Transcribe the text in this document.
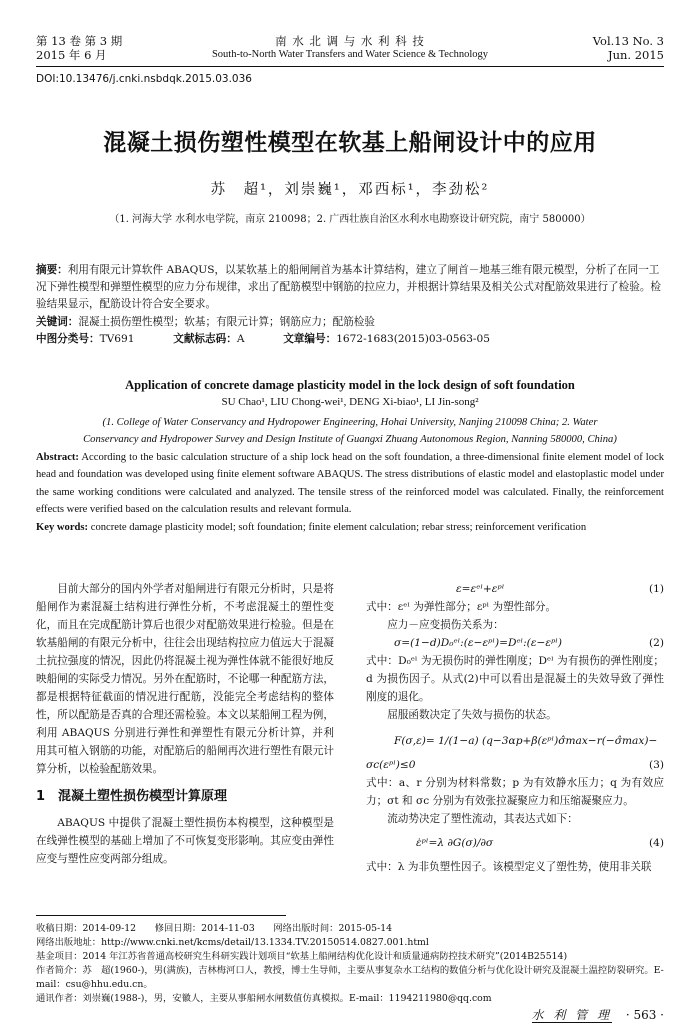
第 13 卷 第 3 期
2015 年 6 月
南 水 北 调 与 水 利 科 技
South-to-North Water Transfers and Water Science & Technology
Vol.13 No. 3
Jun. 2015
DOI:10.13476/j.cnki.nsbdqk.2015.03.036
混凝土损伤塑性模型在软基上船闸设计中的应用
苏　超¹，刘崇巍¹，邓西标¹，李劲松²
（1. 河海大学 水利水电学院，南京 210098；2. 广西壮族自治区水利水电勘察设计研究院，南宁 580000）
摘要：利用有限元计算软件 ABAQUS，以某软基上的船闸闸首为基本计算结构，建立了闸首－地基三维有限元模型，分析了在同一工况下弹性模型和弹塑性模型的应力分布规律，求出了配筋模型中钢筋的拉应力，并根据计算结果及相关公式对配筋效果进行了检验。检验结果显示，配筋设计符合安全要求。
关键词：混凝土损伤塑性模型；软基；有限元计算；钢筋应力；配筋检验
中图分类号：TV691	文献标志码：A	文章编号：1672-1683(2015)03-0563-05
Application of concrete damage plasticity model in the lock design of soft foundation
SU Chao¹, LIU Chong-wei¹, DENG Xi-biao¹, LI Jin-song²
(1. College of Water Conservancy and Hydropower Engineering, Hohai University, Nanjing 210098 China; 2. Water
Conservancy and Hydropower Survey and Design Institute of Guangxi Zhuang Autonomous Region, Nanning 580000, China)
Abstract: According to the basic calculation structure of a ship lock head on the soft foundation, a three-dimensional finite element model of lock head and foundation was developed using finite element software ABAQUS. The stress distributions of elastic model and elastoplastic model under the same working conditions were calculated and analyzed. The tensile stress of the reinforced model was calculated. Finally, the reinforcement effects were verified based on the calculation results and relevant formula.
Key words: concrete damage plasticity model; soft foundation; finite element calculation; rebar stress; reinforcement verification

目前大部分的国内外学者对船闸进行有限元分析时，只是将船闸作为素混凝土结构进行弹性分析，不考虑混凝土的塑性变化，而且在完成配筋计算后也很少对配筋效果进行检验。但是在软基船闸的有限元分析中，往往会出现结构拉应力值远大于混凝土抗拉强度的情况，因此仍将混凝土视为弹性体就不能很好地反映船闸的实际受力情况。另外在配筋时，不论哪一种配筋方法，都是根据特征截面的情况进行配筋，没能完全考虑结构的整体性，所以配筋是否真的合理还需检验。本文以某船闸工程为例，利用 ABAQUS 分别进行弹性和弹塑性有限元分析计算，并利用其可植入钢筋的功能，对配筋后的船闸再次进行塑性有限元计算分析，以检验配筋效果。

1　混凝土塑性损伤模型计算原理

ABAQUS 中提供了混凝土塑性损伤本构模型，这种模型是在线弹性模型的基础上增加了不可恢复变形影响。其应变由弹性应变与塑性应变两部分组成。

ε=εᵉˡ+εᵖˡ	(1)
式中：εᵉˡ 为弹性部分；εᵖˡ 为塑性部分。
应力－应变损伤关系为：
σ=(1−d)D₀ᵉˡ:(ε−εᵖˡ)=Dᵉˡ:(ε−εᵖˡ)	(2)
式中：D₀ᵉˡ 为无损伤时的弹性刚度；Dᵉˡ 为有损伤的弹性刚度；d 为损伤因子。从式(2)中可以看出是混凝土的失效导致了弹性刚度的退化。
屈服函数决定了失效与损伤的状态。
F(σ,ε)= 1/(1−a) (q−3αp+β(εᵖˡ)σ̂max−r(−σ̂max)−
σc(εᵖˡ)≤0	(3)
式中：a、r 分别为材料常数；p 为有效静水压力；q 为有效应力；σt 和 σc 分别为有效张拉凝聚应力和压缩凝聚应力。
流动势决定了塑性流动，其表达式如下：
ε̇ᵖˡ=λ ∂G(σ)/∂σ	(4)
式中：λ 为非负塑性因子。该模型定义了塑性势，使用非关联
收稿日期：2014-09-12　　修回日期：2014-11-03　　网络出版时间：2015-05-14
网络出版地址：http://www.cnki.net/kcms/detail/13.1334.TV.20150514.0827.001.html
基金项目：2014 年江苏省普通高校研究生科研实践计划项目“软基上船闸结构优化设计和质量通病防控技术研究”(2014B25514)
作者简介：苏　超(1960-)，男(满族)，吉林梅河口人，教授，博士生导师，主要从事复杂水工结构的数值分析与优化设计研究及混凝土温控防裂研究。E-mail：csu@hhu.edu.cn。
通讯作者：刘崇巍(1988-)，男，安徽人，主要从事船闸水闸数值仿真模拟。E-mail：1194211980@qq.com
水 利 管 理 · 563 ·
